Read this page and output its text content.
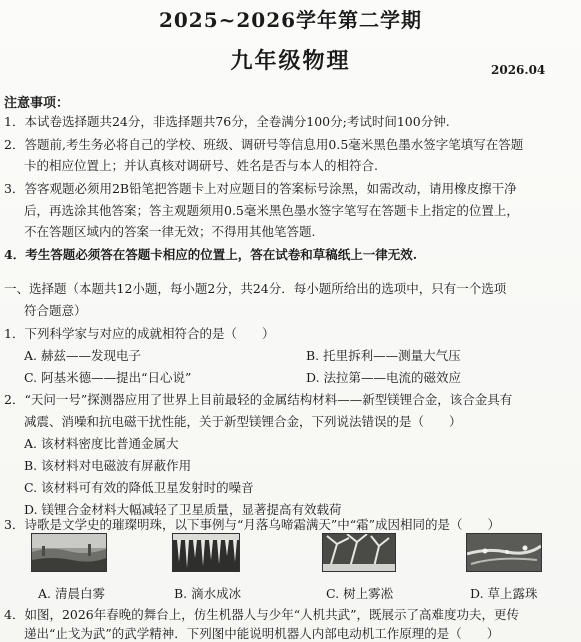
2025~2026学年第二学期
九年级物理	2026.04
注意事项：
1．本试卷选择题共24分，非选择题共76分，全卷满分100分;考试时间100分钟.
2．答题前,考生务必将自己的学校、班级、调研号等信息用0.5毫米黑色墨水签字笔填写在答题
卡的相应位置上；并认真核对调研号、姓名是否与本人的相符合.
3．答客观题必须用2B铅笔把答题卡上对应题目的答案标号涂黑，如需改动，请用橡皮擦干净
后，再选涂其他答案；答主观题须用0.5毫米黑色墨水签字笔写在答题卡上指定的位置上，
不在答题区域内的答案一律无效；不得用其他笔答题.
4．考生答题必须答在答题卡相应的位置上，答在试卷和草稿纸上一律无效.
一、选择题（本题共12小题，每小题2分，共24分．每小题所给出的选项中，只有一个选项
符合题意）
1．下列科学家与对应的成就相符合的是（　　）
A. 赫兹——发现电子	B. 托里拆利——测量大气压
C. 阿基米德——提出“日心说”	D. 法拉第——电流的磁效应
2．“天问一号”探测器应用了世界上目前最轻的金属结构材料——新型镁锂合金，该合金具有
减震、消噪和抗电磁干扰性能，关于新型镁锂合金，下列说法错误的是（　　）
A. 该材料密度比普通金属大
B. 该材料对电磁波有屏蔽作用
C. 该材料可有效的降低卫星发射时的噪音
D. 镁锂合金材料大幅减轻了卫星质量，显著提高有效载荷
3．诗歌是文学史的璀璨明珠，以下事例与“月落乌啼霜满天”中“霜”成因相同的是（　　）
A. 清晨白雾	B. 滴水成冰	C. 树上雾凇	D. 草上露珠
4．如图，2026年春晚的舞台上，仿生机器人与少年“人机共武”，既展示了高难度功夫，更传
递出“止戈为武”的武学精神．下列图中能说明机器人内部电动机工作原理的是（　　）
